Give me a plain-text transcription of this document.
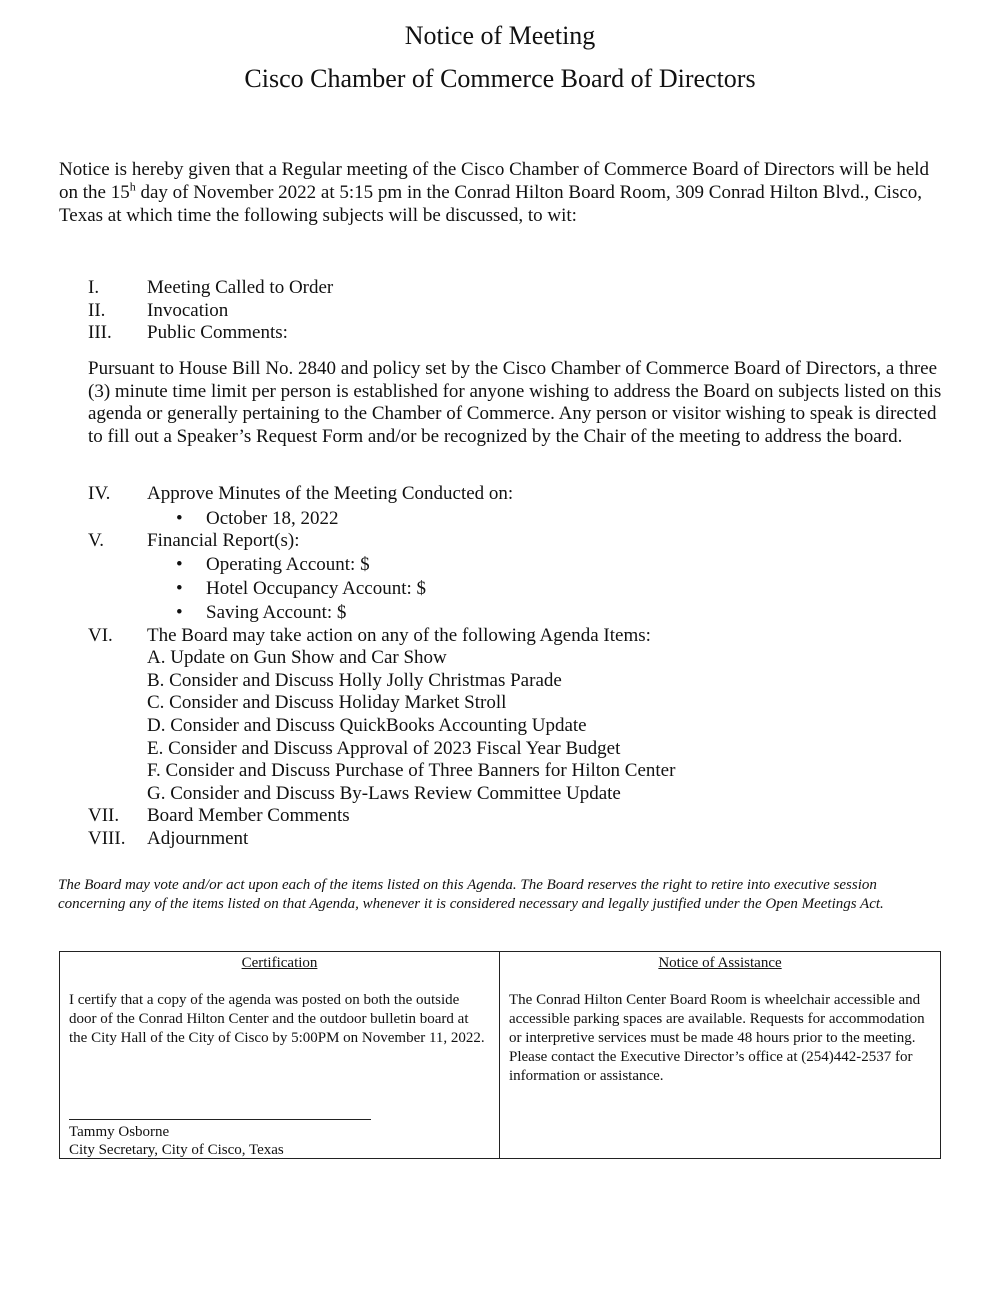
Notice of Meeting
Cisco Chamber of Commerce Board of Directors
Notice is hereby given that a Regular meeting of the Cisco Chamber of Commerce Board of Directors will be held on the 15$^h$ day of November 2022 at 5:15 pm in the Conrad Hilton Board Room, 309 Conrad Hilton Blvd., Cisco, Texas at which time the following subjects will be discussed, to wit:
I.	Meeting Called to Order
II. Invocation
III. Public Comments:
Pursuant to House Bill No. 2840 and policy set by the Cisco Chamber of Commerce Board of Directors, a three (3) minute time limit per person is established for anyone wishing to address the Board on subjects listed on this agenda or generally pertaining to the Chamber of Commerce. Any person or visitor wishing to speak is directed to fill out a Speaker’s Request Form and/or be recognized by the Chair of the meeting to address the board.
IV. Approve Minutes of the Meeting Conducted on:
• October 18, 2022
V. Financial Report(s):
• Operating Account: $
• Hotel Occupancy Account: $
• Saving Account: $
VI. The Board may take action on any of the following Agenda Items:
A. Update on Gun Show and Car Show
B. Consider and Discuss Holly Jolly Christmas Parade
C. Consider and Discuss Holiday Market Stroll
D. Consider and Discuss QuickBooks Accounting Update
E. Consider and Discuss Approval of 2023 Fiscal Year Budget
F. Consider and Discuss Purchase of Three Banners for Hilton Center
G. Consider and Discuss By-Laws Review Committee Update
VII. Board Member Comments
VIII. Adjournment
The Board may vote and/or act upon each of the items listed on this Agenda. The Board reserves the right to retire into executive session concerning any of the items listed on that Agenda, whenever it is considered necessary and legally justified under the Open Meetings Act.
Certification
I certify that a copy of the agenda was posted on both the outside door of the Conrad Hilton Center and the outdoor bulletin board at the City Hall of the City of Cisco by 5:00PM on November 11, 2022.
Tammy Osborne
City Secretary, City of Cisco, Texas
Notice of Assistance
The Conrad Hilton Center Board Room is wheelchair accessible and accessible parking spaces are available. Requests for accommodation or interpretive services must be made 48 hours prior to the meeting. Please contact the Executive Director’s office at (254)442-2537 for information or assistance.
